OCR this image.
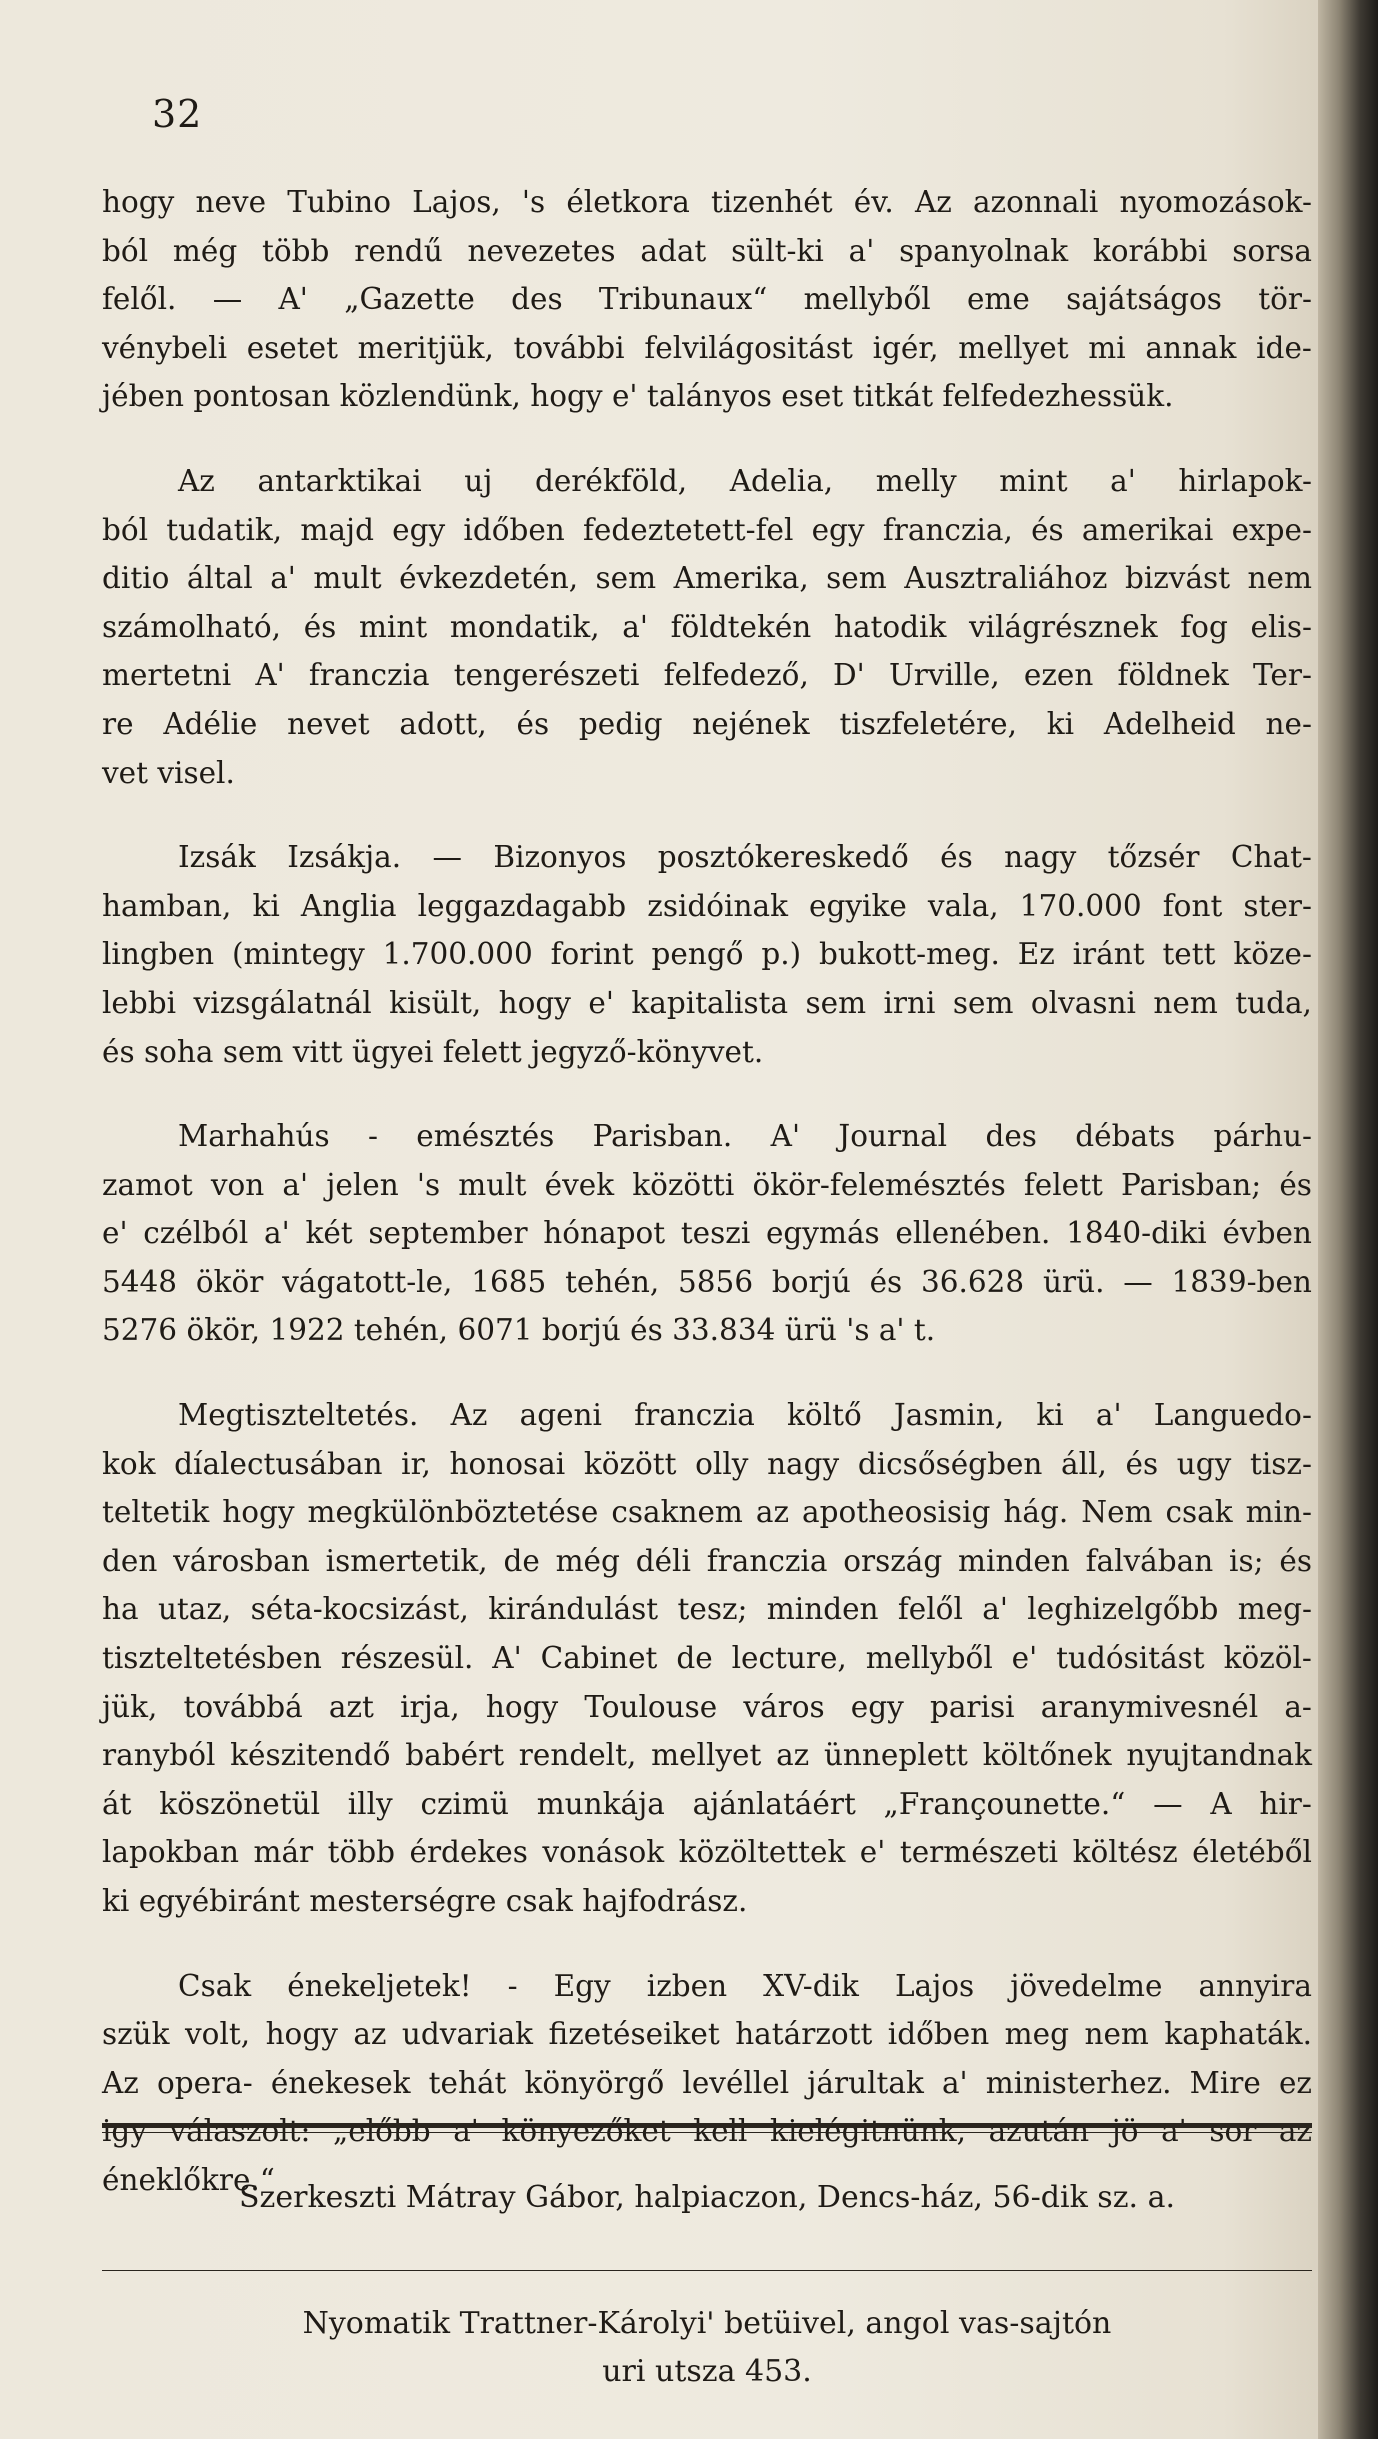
32
hogy neve Tubino Lajos, 's életkora tizenhét év. Az azonnali nyomozások-
ból még több rendű nevezetes adat sült-ki a' spanyolnak korábbi sorsa
felől. — A' „Gazette des Tribunaux“ mellyből eme sajátságos tör-
vénybeli esetet meritjük, további felvilágositást igér, mellyet mi annak ide-
jében pontosan közlendünk, hogy e' talányos eset titkát felfedezhessük.
Az antarktikai uj derékföld, Adelia, melly mint a' hirlapok-
ból tudatik, majd egy időben fedeztetett-fel egy franczia, és amerikai expe-
ditio által a' mult évkezdetén, sem Amerika, sem Ausztraliához bizvást nem
számolható, és mint mondatik, a' földtekén hatodik világrésznek fog elis-
mertetni A' franczia tengerészeti felfedező, D' Urville, ezen földnek Ter-
re Adélie nevet adott, és pedig nejének tiszfeletére, ki Adelheid ne-
vet visel.
Izsák Izsákja. — Bizonyos posztókereskedő és nagy tőzsér Chat-
hamban, ki Anglia leggazdagabb zsidóinak egyike vala, 170.000 font ster-
lingben (mintegy 1.700.000 forint pengő p.) bukott-meg. Ez iránt tett köze-
lebbi vizsgálatnál kisült, hogy e' kapitalista sem irni sem olvasni nem tuda,
és soha sem vitt ügyei felett jegyző-könyvet.
Marhahús - emésztés Parisban. A' Journal des débats párhu-
zamot von a' jelen 's mult évek közötti ökör-felemésztés felett Parisban; és
e' czélból a' két september hónapot teszi egymás ellenében. 1840-diki évben
5448 ökör vágatott-le, 1685 tehén, 5856 borjú és 36.628 ürü. — 1839-ben
5276 ökör, 1922 tehén, 6071 borjú és 33.834 ürü 's a' t.
Megtiszteltetés. Az ageni franczia költő Jasmin, ki a' Languedo-
kok díalectusában ir, honosai között olly nagy dicsőségben áll, és ugy tisz-
teltetik hogy megkülönböztetése csaknem az apotheosisig hág. Nem csak min-
den városban ismertetik, de még déli franczia ország minden falvában is; és
ha utaz, séta-kocsizást, kirándulást tesz; minden felől a' leghizelgőbb meg-
tiszteltetésben részesül. A' Cabinet de lecture, mellyből e' tudósitást közöl-
jük, továbbá azt irja, hogy Toulouse város egy parisi aranymivesnél a-
ranyból készitendő babért rendelt, mellyet az ünneplett költőnek nyujtandnak
át köszönetül illy czimü munkája ajánlatáért „Françounette.“ — A hir-
lapokban már több érdekes vonások közöltettek e' természeti költész életéből
ki egyébiránt mesterségre csak hajfodrász.
Csak énekeljetek! - Egy izben XV-dik Lajos jövedelme annyira
szük volt, hogy az udvariak fizetéseiket határzott időben meg nem kaphaták.
Az opera- énekesek tehát könyörgő levéllel járultak a' ministerhez. Mire ez
igy válaszolt: „előbb a' könyezőket kell kielégitnünk, azután jö a' sor az
éneklőkre.“
Szerkeszti Mátray Gábor, halpiaczon, Dencs-ház, 56-dik sz. a.
Nyomatik Trattner-Károlyi' betüivel, angol vas-sajtón
uri utsza 453.
